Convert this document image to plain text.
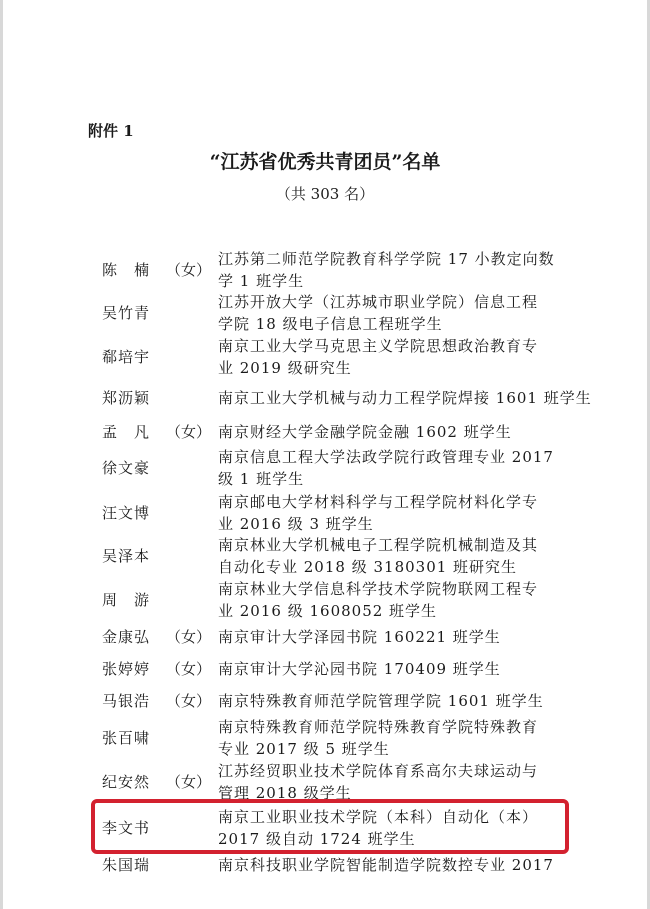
附件 1
“江苏省优秀共青团员”名单
（共 303 名）
陈　楠 （女）
江苏第二师范学院教育科学学院 17 小教定向数
学 1 班学生
吴竹青
江苏开放大学（江苏城市职业学院）信息工程
学院 18 级电子信息工程班学生
郗培宇
南京工业大学马克思主义学院思想政治教育专
业 2019 级研究生
郑沥颖	南京工业大学机械与动力工程学院焊接 1601 班学生
孟　凡 （女） 南京财经大学金融学院金融 1602 班学生
徐文豪
南京信息工程大学法政学院行政管理专业 2017
级 1 班学生
汪文博
南京邮电大学材料科学与工程学院材料化学专
业 2016 级 3 班学生
吴泽本
南京林业大学机械电子工程学院机械制造及其
自动化专业 2018 级 3180301 班研究生
周　游
南京林业大学信息科学技术学院物联网工程专
业 2016 级 1608052 班学生
金康弘 （女） 南京审计大学泽园书院 160221 班学生
张婷婷 （女） 南京审计大学沁园书院 170409 班学生
马银浩 （女） 南京特殊教育师范学院管理学院 1601 班学生
张百啸
南京特殊教育师范学院特殊教育学院特殊教育
专业 2017 级 5 班学生
纪安然 （女）
江苏经贸职业技术学院体育系高尔夫球运动与
管理 2018 级学生
李文书
南京工业职业技术学院（本科）自动化（本）
2017 级自动 1724 班学生
朱国瑞	南京科技职业学院智能制造学院数控专业 2017
